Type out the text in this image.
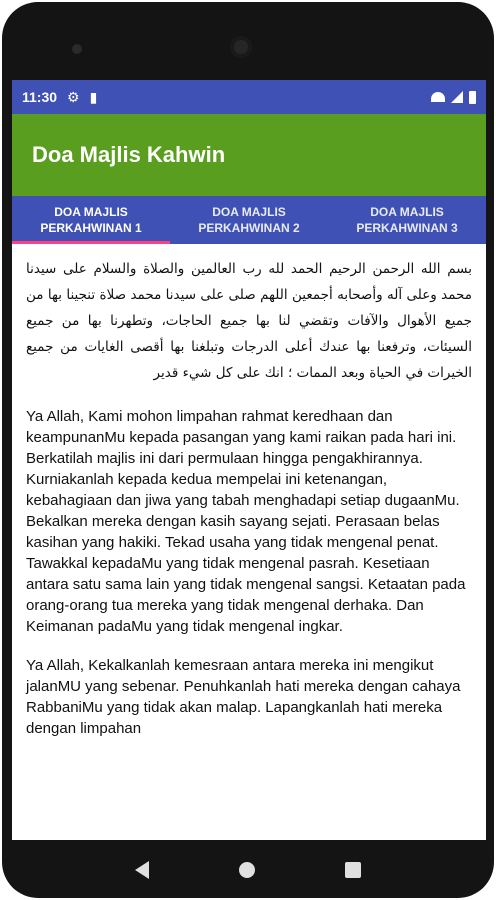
11:30 ⚙ ▮
Doa Majlis Kahwin
DOA MAJLIS
PERKAHWINAN 1
DOA MAJLIS
PERKAHWINAN 2
DOA MAJLIS
PERKAHWINAN 3

بسم الله الرحمن الرحيم الحمد لله رب العالمين والصلاة والسلام على سيدنا محمد وعلى آله وأصحابه أجمعين اللهم صلى على سيدنا محمد صلاة تنجينا بها من جميع الأهوال والآفات وتقضي لنا بها جميع الحاجات، وتطهرنا بها من جميع السيئات، وترفعنا بها عندك أعلى الدرجات وتبلغنا بها أقصى الغايات من جميع الخيرات في الحياة وبعد الممات ؛ انك على كل شيء قدير

Ya Allah, Kami mohon limpahan rahmat keredhaan dan keampunanMu kepada pasangan yang kami raikan pada hari ini. Berkatilah majlis ini dari permulaan hingga pengakhirannya. Kurniakanlah kepada kedua mempelai ini ketenangan, kebahagiaan dan jiwa yang tabah menghadapi setiap dugaanMu. Bekalkan mereka dengan kasih sayang sejati. Perasaan belas kasihan yang hakiki. Tekad usaha yang tidak mengenal penat. Tawakkal kepadaMu yang tidak mengenal pasrah. Kesetiaan antara satu sama lain yang tidak mengenal sangsi. Ketaatan pada orang-orang tua mereka yang tidak mengenal derhaka. Dan Keimanan padaMu yang tidak mengenal ingkar.

Ya Allah, Kekalkanlah kemesraan antara mereka ini mengikut jalanMU yang sebenar. Penuhkanlah hati mereka dengan cahaya RabbaniMu yang tidak akan malap. Lapangkanlah hati mereka dengan limpahan
